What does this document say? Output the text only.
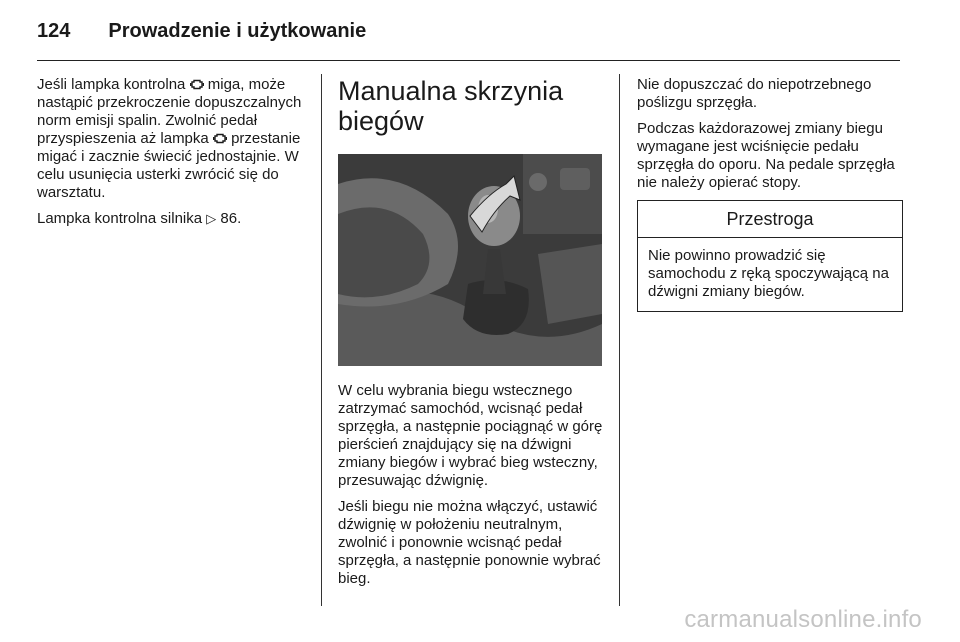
124 Prowadzenie i użytkowanie

Jeśli lampka kontrolna  miga, może nastąpić przekroczenie dopuszczalnych norm emisji spalin. Zwolnić pedał przyspieszenia aż lampka  przestanie migać i zacznie świecić jednostajnie. W celu usunięcia usterki zwrócić się do warsztatu.

Lampka kontrolna silnika ▷ 86.

Manualna skrzynia biegów

W celu wybrania biegu wstecznego zatrzymać samochód, wcisnąć pedał sprzęgła, a następnie pociągnąć w górę pierścień znajdujący się na dźwigni zmiany biegów i wybrać bieg wsteczny, przesuwając dźwignię.

Jeśli biegu nie można włączyć, ustawić dźwignię w położeniu neutralnym, zwolnić i ponownie wcisnąć pedał sprzęgła, a następnie ponownie wybrać bieg.

Nie dopuszczać do niepotrzebnego poślizgu sprzęgła.

Podczas każdorazowej zmiany biegu wymagane jest wciśnięcie pedału sprzęgła do oporu. Na pedale sprzęgła nie należy opierać stopy.

Przestroga
Nie powinno prowadzić się samochodu z ręką spoczywającą na dźwigni zmiany biegów.
carmanualsonline.info
